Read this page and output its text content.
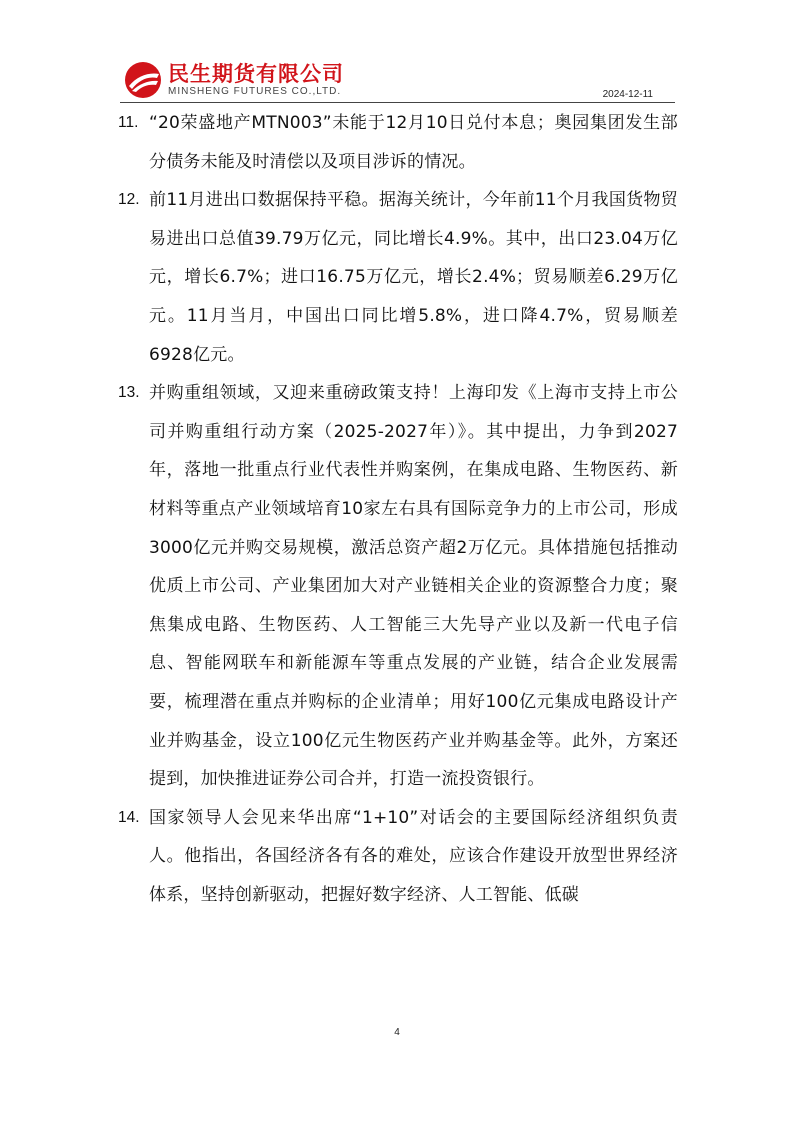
民生期货有限公司
MINSHENG FUTURES CO.,LTD.	2024-12-11
11. “20荣盛地产MTN003”未能于12月10日兑付本息；奥园集团发生部分债务未能及时清偿以及项目涉诉的情况。
12. 前11月进出口数据保持平稳。据海关统计，今年前11个月我国货物贸易进出口总值39.79万亿元，同比增长4.9%。其中，出口23.04万亿元，增长6.7%；进口16.75万亿元，增长2.4%；贸易顺差6.29万亿元。11月当月，中国出口同比增5.8%，进口降4.7%，贸易顺差6928亿元。
13. 并购重组领域，又迎来重磅政策支持！上海印发《上海市支持上市公司并购重组行动方案（2025-2027年）》。其中提出，力争到2027年，落地一批重点行业代表性并购案例，在集成电路、生物医药、新材料等重点产业领域培育10家左右具有国际竞争力的上市公司，形成3000亿元并购交易规模，激活总资产超2万亿元。具体措施包括推动优质上市公司、产业集团加大对产业链相关企业的资源整合力度；聚焦集成电路、生物医药、人工智能三大先导产业以及新一代电子信息、智能网联车和新能源车等重点发展的产业链，结合企业发展需要，梳理潜在重点并购标的企业清单；用好100亿元集成电路设计产业并购基金，设立100亿元生物医药产业并购基金等。此外，方案还提到，加快推进证券公司合并，打造一流投资银行。
14. 国家领导人会见来华出席“1+10”对话会的主要国际经济组织负责人。他指出，各国经济各有各的难处，应该合作建设开放型世界经济体系，坚持创新驱动，把握好数字经济、人工智能、低碳
4
